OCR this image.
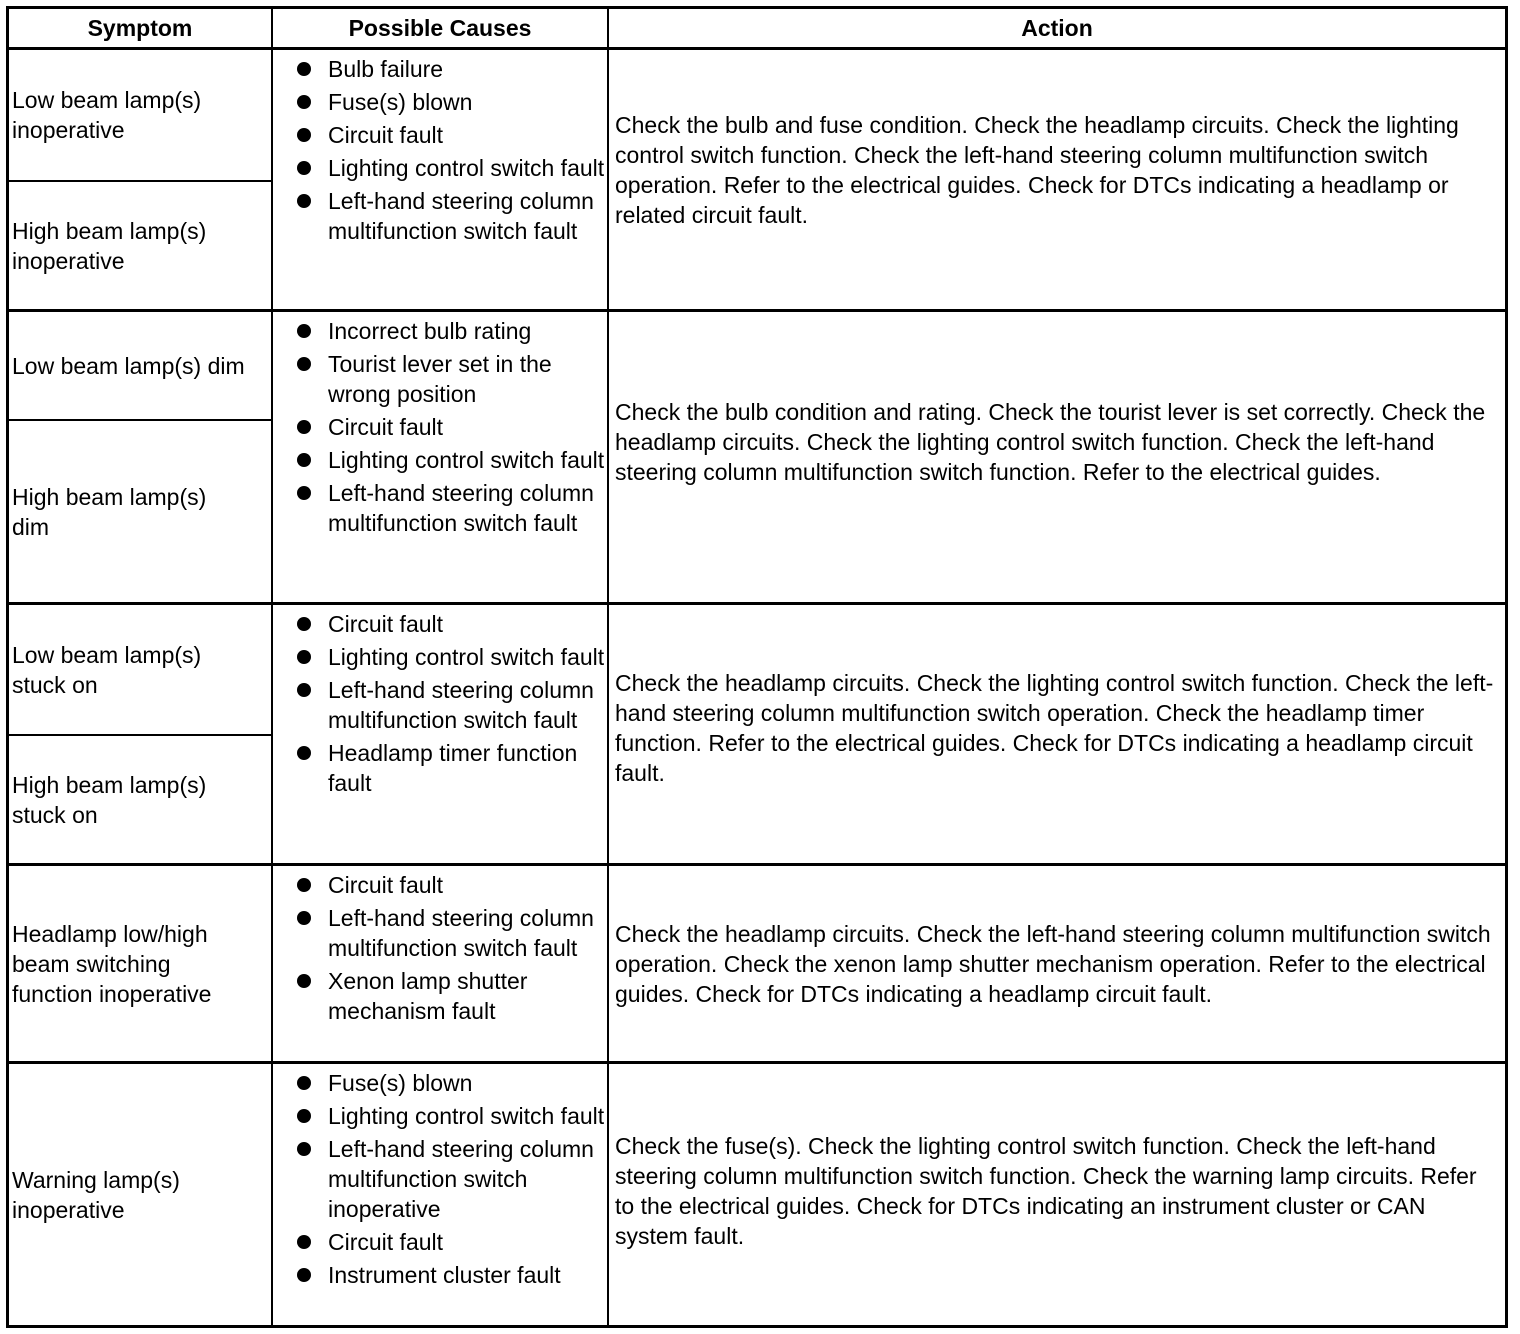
Symptom	Possible Causes	Action
Low beam lamp(s) inoperative
High beam lamp(s) inoperative
Bulb failure
Fuse(s) blown
Circuit fault
Lighting control switch fault
Left-hand steering column multifunction switch fault
Check the bulb and fuse condition. Check the headlamp circuits. Check the lighting control switch function. Check the left-hand steering column multifunction switch operation. Refer to the electrical guides. Check for DTCs indicating a headlamp or related circuit fault.
Low beam lamp(s) dim
High beam lamp(s) dim
Incorrect bulb rating
Tourist lever set in the wrong position
Circuit fault
Lighting control switch fault
Left-hand steering column multifunction switch fault
Check the bulb condition and rating. Check the tourist lever is set correctly. Check the headlamp circuits. Check the lighting control switch function. Check the left-hand steering column multifunction switch function. Refer to the electrical guides.
Low beam lamp(s) stuck on
High beam lamp(s) stuck on
Circuit fault
Lighting control switch fault
Left-hand steering column multifunction switch fault
Headlamp timer function fault
Check the headlamp circuits. Check the lighting control switch function. Check the left-hand steering column multifunction switch operation. Check the headlamp timer function. Refer to the electrical guides. Check for DTCs indicating a headlamp circuit fault.
Headlamp low/high beam switching function inoperative
Circuit fault
Left-hand steering column multifunction switch fault
Xenon lamp shutter mechanism fault
Check the headlamp circuits. Check the left-hand steering column multifunction switch operation. Check the xenon lamp shutter mechanism operation. Refer to the electrical guides. Check for DTCs indicating a headlamp circuit fault.
Warning lamp(s) inoperative
Fuse(s) blown
Lighting control switch fault
Left-hand steering column multifunction switch inoperative
Circuit fault
Instrument cluster fault
Check the fuse(s). Check the lighting control switch function. Check the left-hand steering column multifunction switch function. Check the warning lamp circuits. Refer to the electrical guides. Check for DTCs indicating an instrument cluster or CAN system fault.
